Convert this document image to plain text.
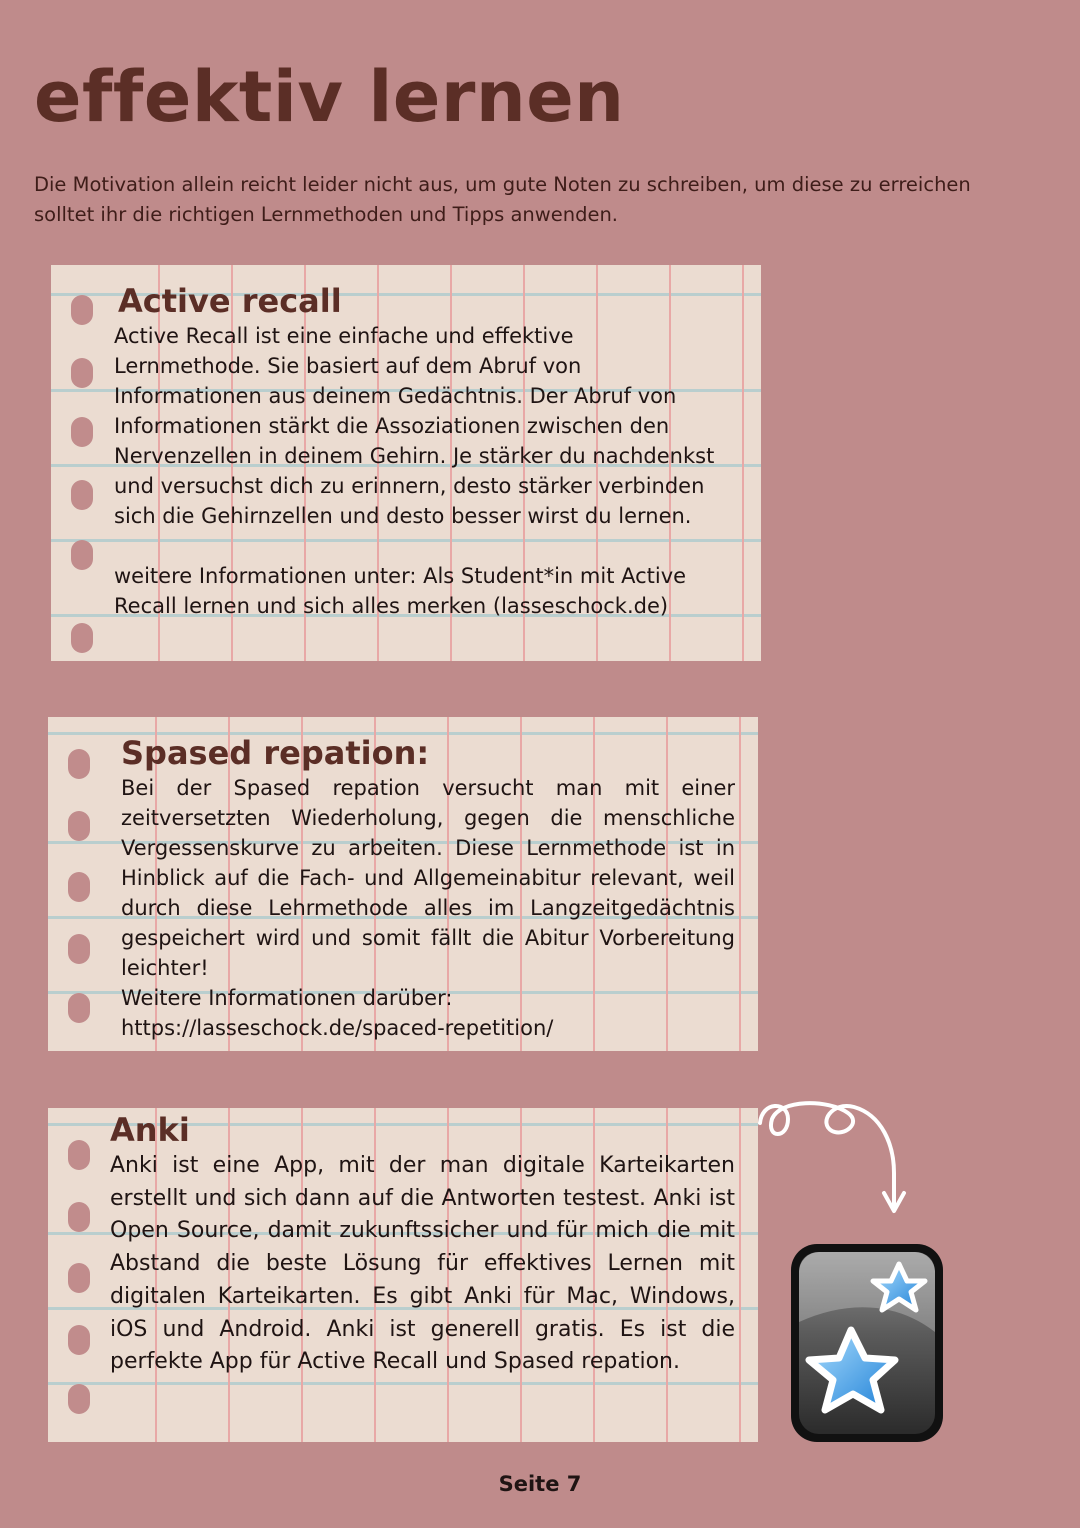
effektiv lernen

Die Motivation allein reicht leider nicht aus, um gute Noten zu schreiben, um diese zu erreichen solltet ihr die richtigen Lernmethoden und Tipps anwenden.

Active recall

Active Recall ist eine einfache und effektive Lernmethode. Sie basiert auf dem Abruf von Informationen aus deinem Gedächtnis. Der Abruf von Informationen stärkt die Assoziationen zwischen den Nervenzellen in deinem Gehirn. Je stärker du nachdenkst und versuchst dich zu erinnern, desto stärker verbinden sich die Gehirnzellen und desto besser wirst du lernen.

weitere Informationen unter: Als Student*in mit Active Recall lernen und sich alles merken (lasseschock.de)

Spased repation:

Bei der Spased repation versucht man mit einer zeitversetzten Wiederholung, gegen die menschliche Vergessenskurve zu arbeiten. Diese Lernmethode ist in Hinblick auf die Fach- und Allgemeinabitur relevant, weil durch diese Lehrmethode alles im Langzeitgedächtnis gespeichert wird und somit fällt die Abitur Vorbereitung leichter!

Weitere Informationen darüber:

https://lasseschock.de/spaced-repetition/

Anki

Anki ist eine App, mit der man digitale Karteikarten erstellt und sich dann auf die Antworten testest. Anki ist Open Source, damit zukunftssicher und für mich die mit Abstand die beste Lösung für effektives Lernen mit digitalen Karteikarten. Es gibt Anki für Mac, Windows, iOS und Android. Anki ist generell gratis. Es ist die perfekte App für Active Recall und Spased repation.

Seite 7
